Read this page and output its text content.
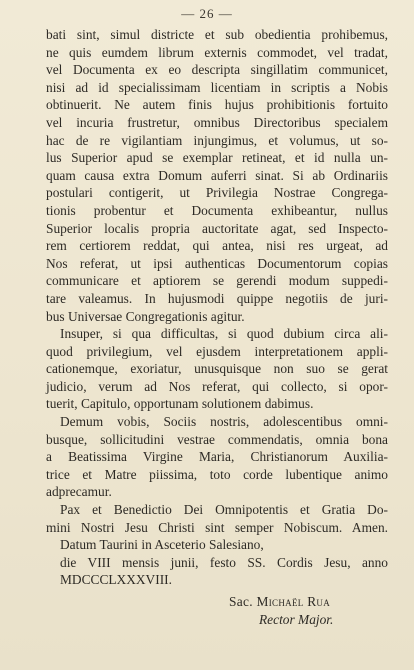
— 26 —
bati sint, simul districte et sub obedientia prohibemus,
ne quis eumdem librum externis commodet, vel tradat,
vel Documenta ex eo descripta singillatim communicet,
nisi ad id specialissimam licentiam in scriptis a Nobis
obtinuerit. Ne autem finis hujus prohibitionis fortuito
vel incuria frustretur, omnibus Directoribus specialem
hac de re vigilantiam injungimus, et volumus, ut so-
lus Superior apud se exemplar retineat, et id nulla un-
quam causa extra Domum auferri sinat. Si ab Ordinariis
postulari contigerit, ut Privilegia Nostrae Congrega-
tionis probentur et Documenta exhibeantur, nullus
Superior localis propria auctoritate agat, sed Inspecto-
rem certiorem reddat, qui antea, nisi res urgeat, ad
Nos referat, ut ipsi authenticas Documentorum copias
communicare et aptiorem se gerendi modum suppedi-
tare valeamus. In hujusmodi quippe negotiis de juri-
bus Universae Congregationis agitur.
Insuper, si qua difficultas, si quod dubium circa ali-
quod privilegium, vel ejusdem interpretationem appli-
cationemque, exoriatur, unusquisque non suo se gerat
judicio, verum ad Nos referat, qui collecto, si opor-
tuerit, Capitulo, opportunam solutionem dabimus.
Demum vobis, Sociis nostris, adolescentibus omni-
busque, sollicitudini vestrae commendatis, omnia bona
a Beatissima Virgine Maria, Christianorum Auxilia-
trice et Matre piissima, toto corde lubentique animo
adprecamur.
Pax et Benedictio Dei Omnipotentis et Gratia Do-
mini Nostri Jesu Christi sint semper Nobiscum. Amen.
Datum Taurini in Asceterio Salesiano,
die VIII mensis junii, festo SS. Cordis Jesu, anno
MDCCCLXXXVIII.
Sac. Michaël Rua
Rector Major.
